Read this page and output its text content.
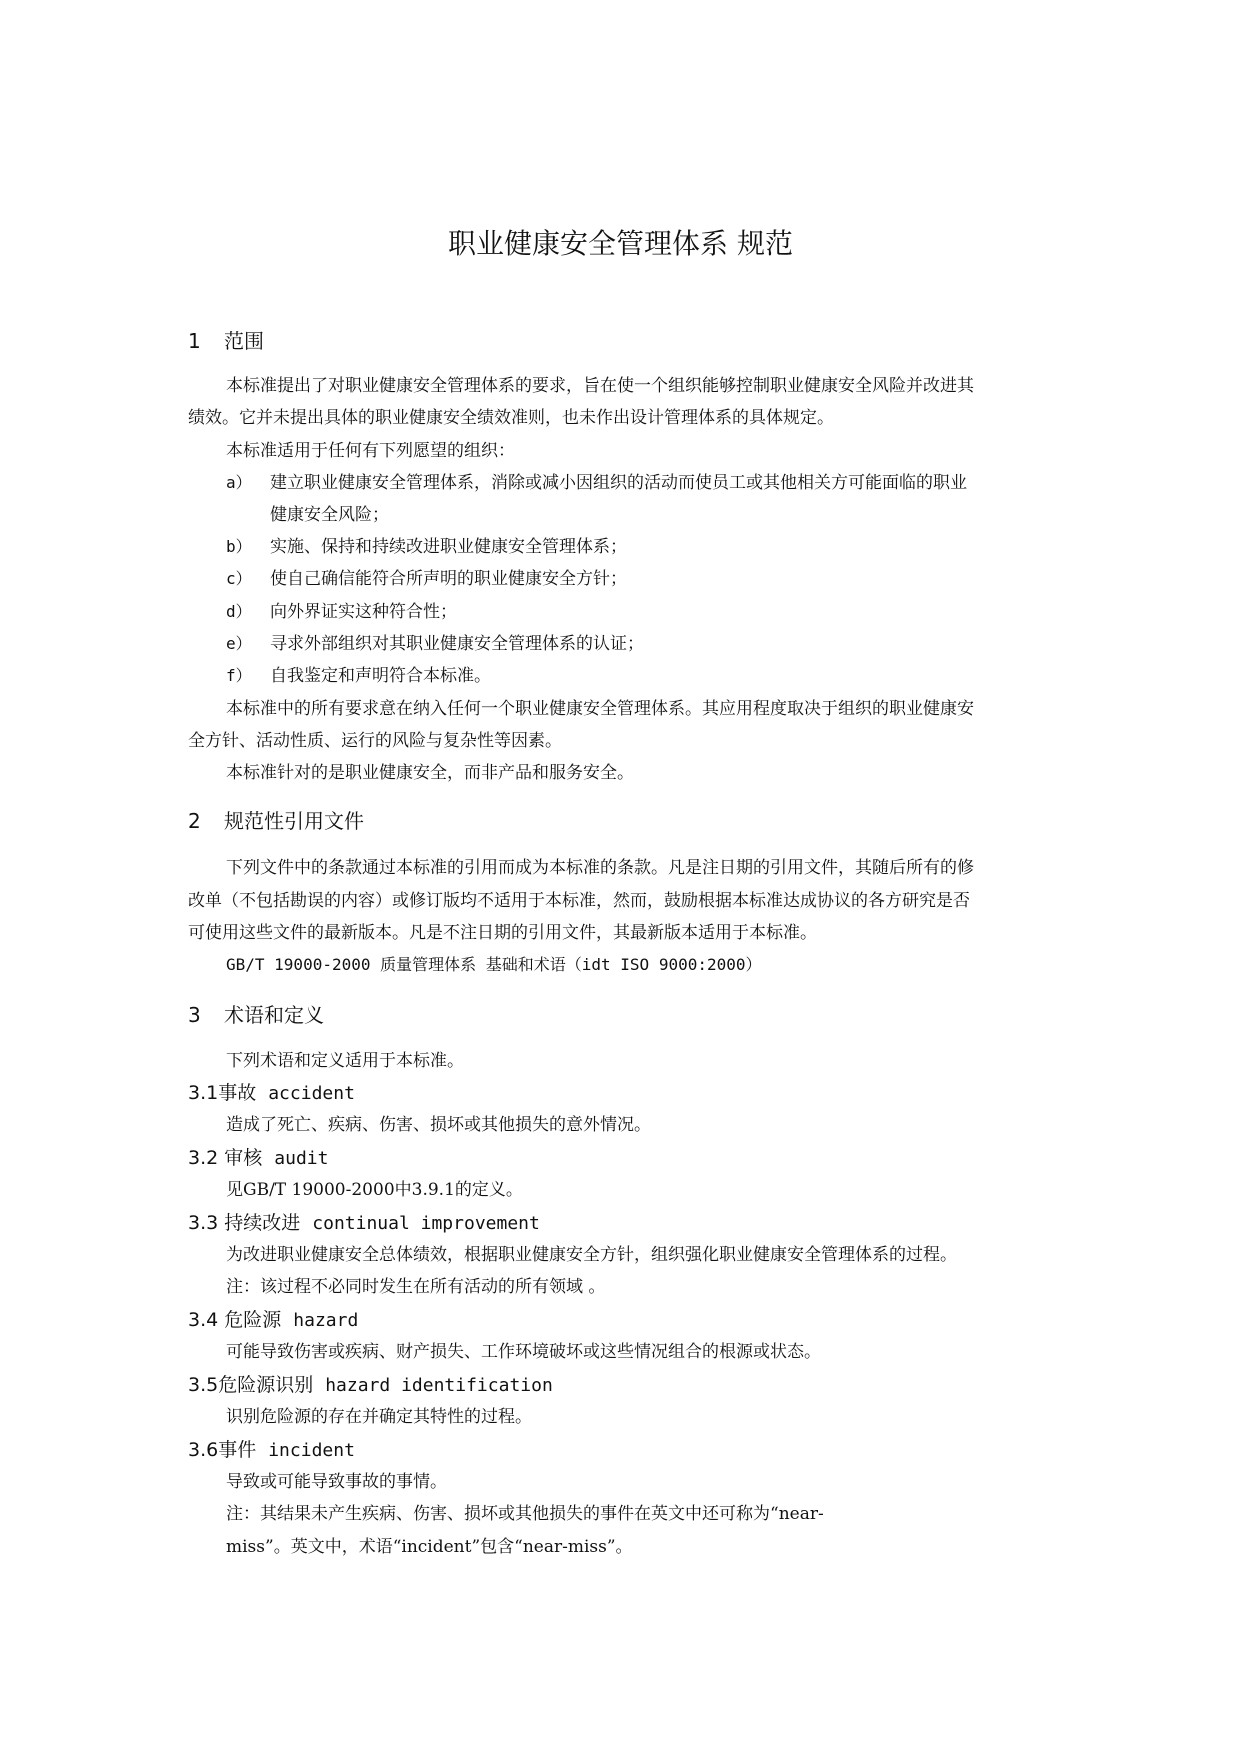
职业健康安全管理体系 规范
1 范围
本标准提出了对职业健康安全管理体系的要求，旨在使一个组织能够控制职业健康安全风险并改进其
绩效。它并未提出具体的职业健康安全绩效准则，也未作出设计管理体系的具体规定。
本标准适用于任何有下列愿望的组织：
a） 建立职业健康安全管理体系，消除或减小因组织的活动而使员工或其他相关方可能面临的职业
健康安全风险；
b） 实施、保持和持续改进职业健康安全管理体系；
c） 使自己确信能符合所声明的职业健康安全方针；
d） 向外界证实这种符合性；
e） 寻求外部组织对其职业健康安全管理体系的认证；
f） 自我鉴定和声明符合本标准。
本标准中的所有要求意在纳入任何一个职业健康安全管理体系。其应用程度取决于组织的职业健康安
全方针、活动性质、运行的风险与复杂性等因素。
本标准针对的是职业健康安全，而非产品和服务安全。
2 规范性引用文件
下列文件中的条款通过本标准的引用而成为本标准的条款。凡是注日期的引用文件，其随后所有的修
改单（不包括勘误的内容）或修订版均不适用于本标准，然而，鼓励根据本标准达成协议的各方研究是否
可使用这些文件的最新版本。凡是不注日期的引用文件，其最新版本适用于本标准。
GB/T 19000-2000 质量管理体系 基础和术语（idt ISO 9000:2000）
3 术语和定义
下列术语和定义适用于本标准。
3.1事故 accident
造成了死亡、疾病、伤害、损坏或其他损失的意外情况。
3.2 审核 audit
见GB/T 19000-2000中3.9.1的定义。
3.3 持续改进 continual improvement
为改进职业健康安全总体绩效，根据职业健康安全方针，组织强化职业健康安全管理体系的过程。
注：该过程不必同时发生在所有活动的所有领域 。
3.4 危险源 hazard
可能导致伤害或疾病、财产损失、工作环境破坏或这些情况组合的根源或状态。
3.5危险源识别 hazard identification
识别危险源的存在并确定其特性的过程。
3.6事件 incident
导致或可能导致事故的事情。
注：其结果未产生疾病、伤害、损坏或其他损失的事件在英文中还可称为“near-
miss”。英文中，术语“incident”包含“near-miss”。
